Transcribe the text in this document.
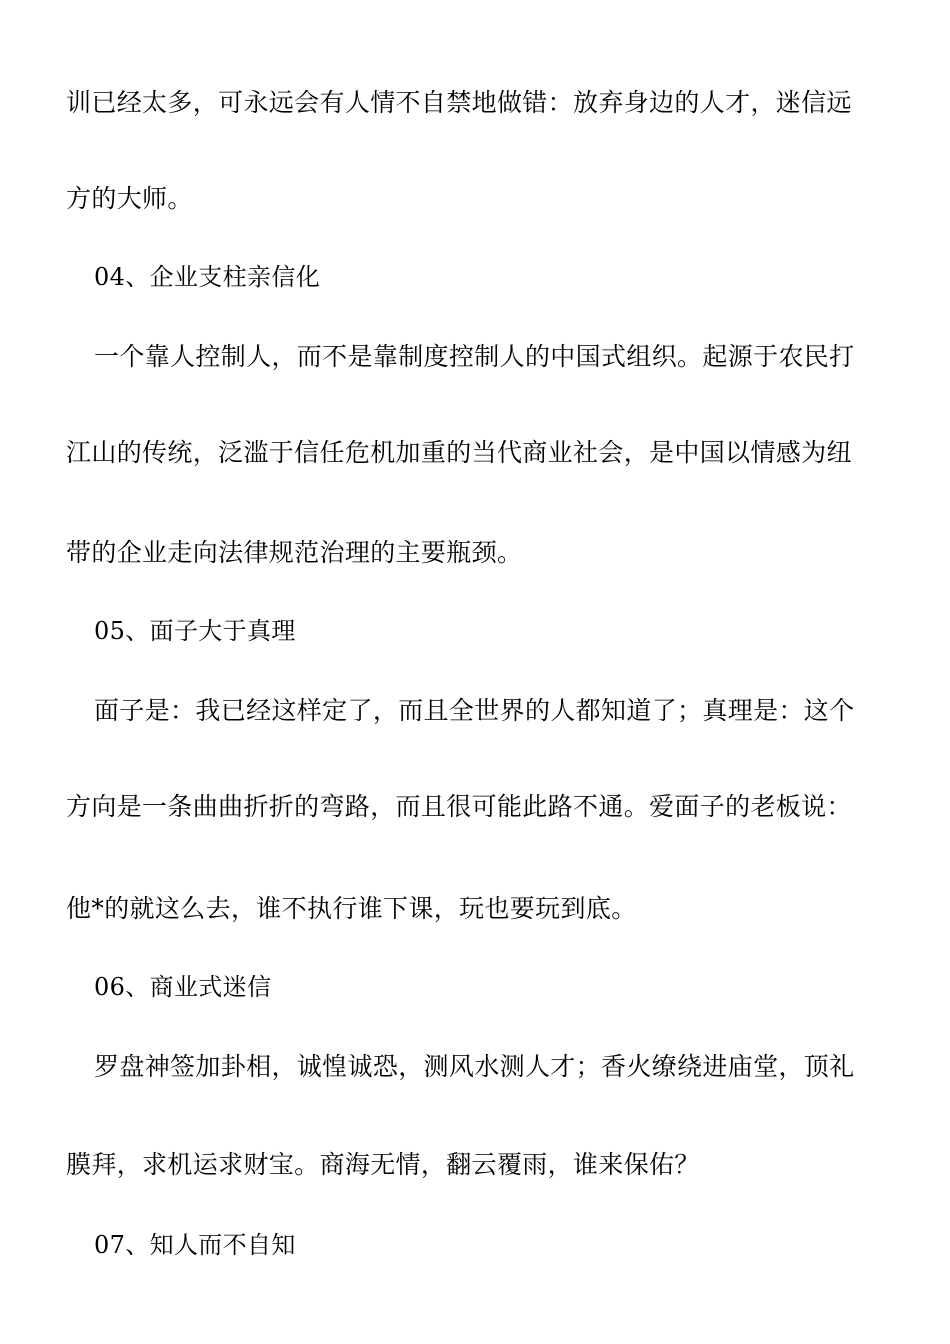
训已经太多，可永远会有人情不自禁地做错：放弃身边的人才，迷信远
方的大师。
04、企业支柱亲信化
一个靠人控制人，而不是靠制度控制人的中国式组织。起源于农民打
江山的传统，泛滥于信任危机加重的当代商业社会，是中国以情感为纽
带的企业走向法律规范治理的主要瓶颈。
05、面子大于真理
面子是：我已经这样定了，而且全世界的人都知道了；真理是：这个
方向是一条曲曲折折的弯路，而且很可能此路不通。爱面子的老板说：
他*的就这么去，谁不执行谁下课，玩也要玩到底。
06、商业式迷信
罗盘神签加卦相，诚惶诚恐，测风水测人才；香火缭绕进庙堂，顶礼
膜拜，求机运求财宝。商海无情，翻云覆雨，谁来保佑？
07、知人而不自知
